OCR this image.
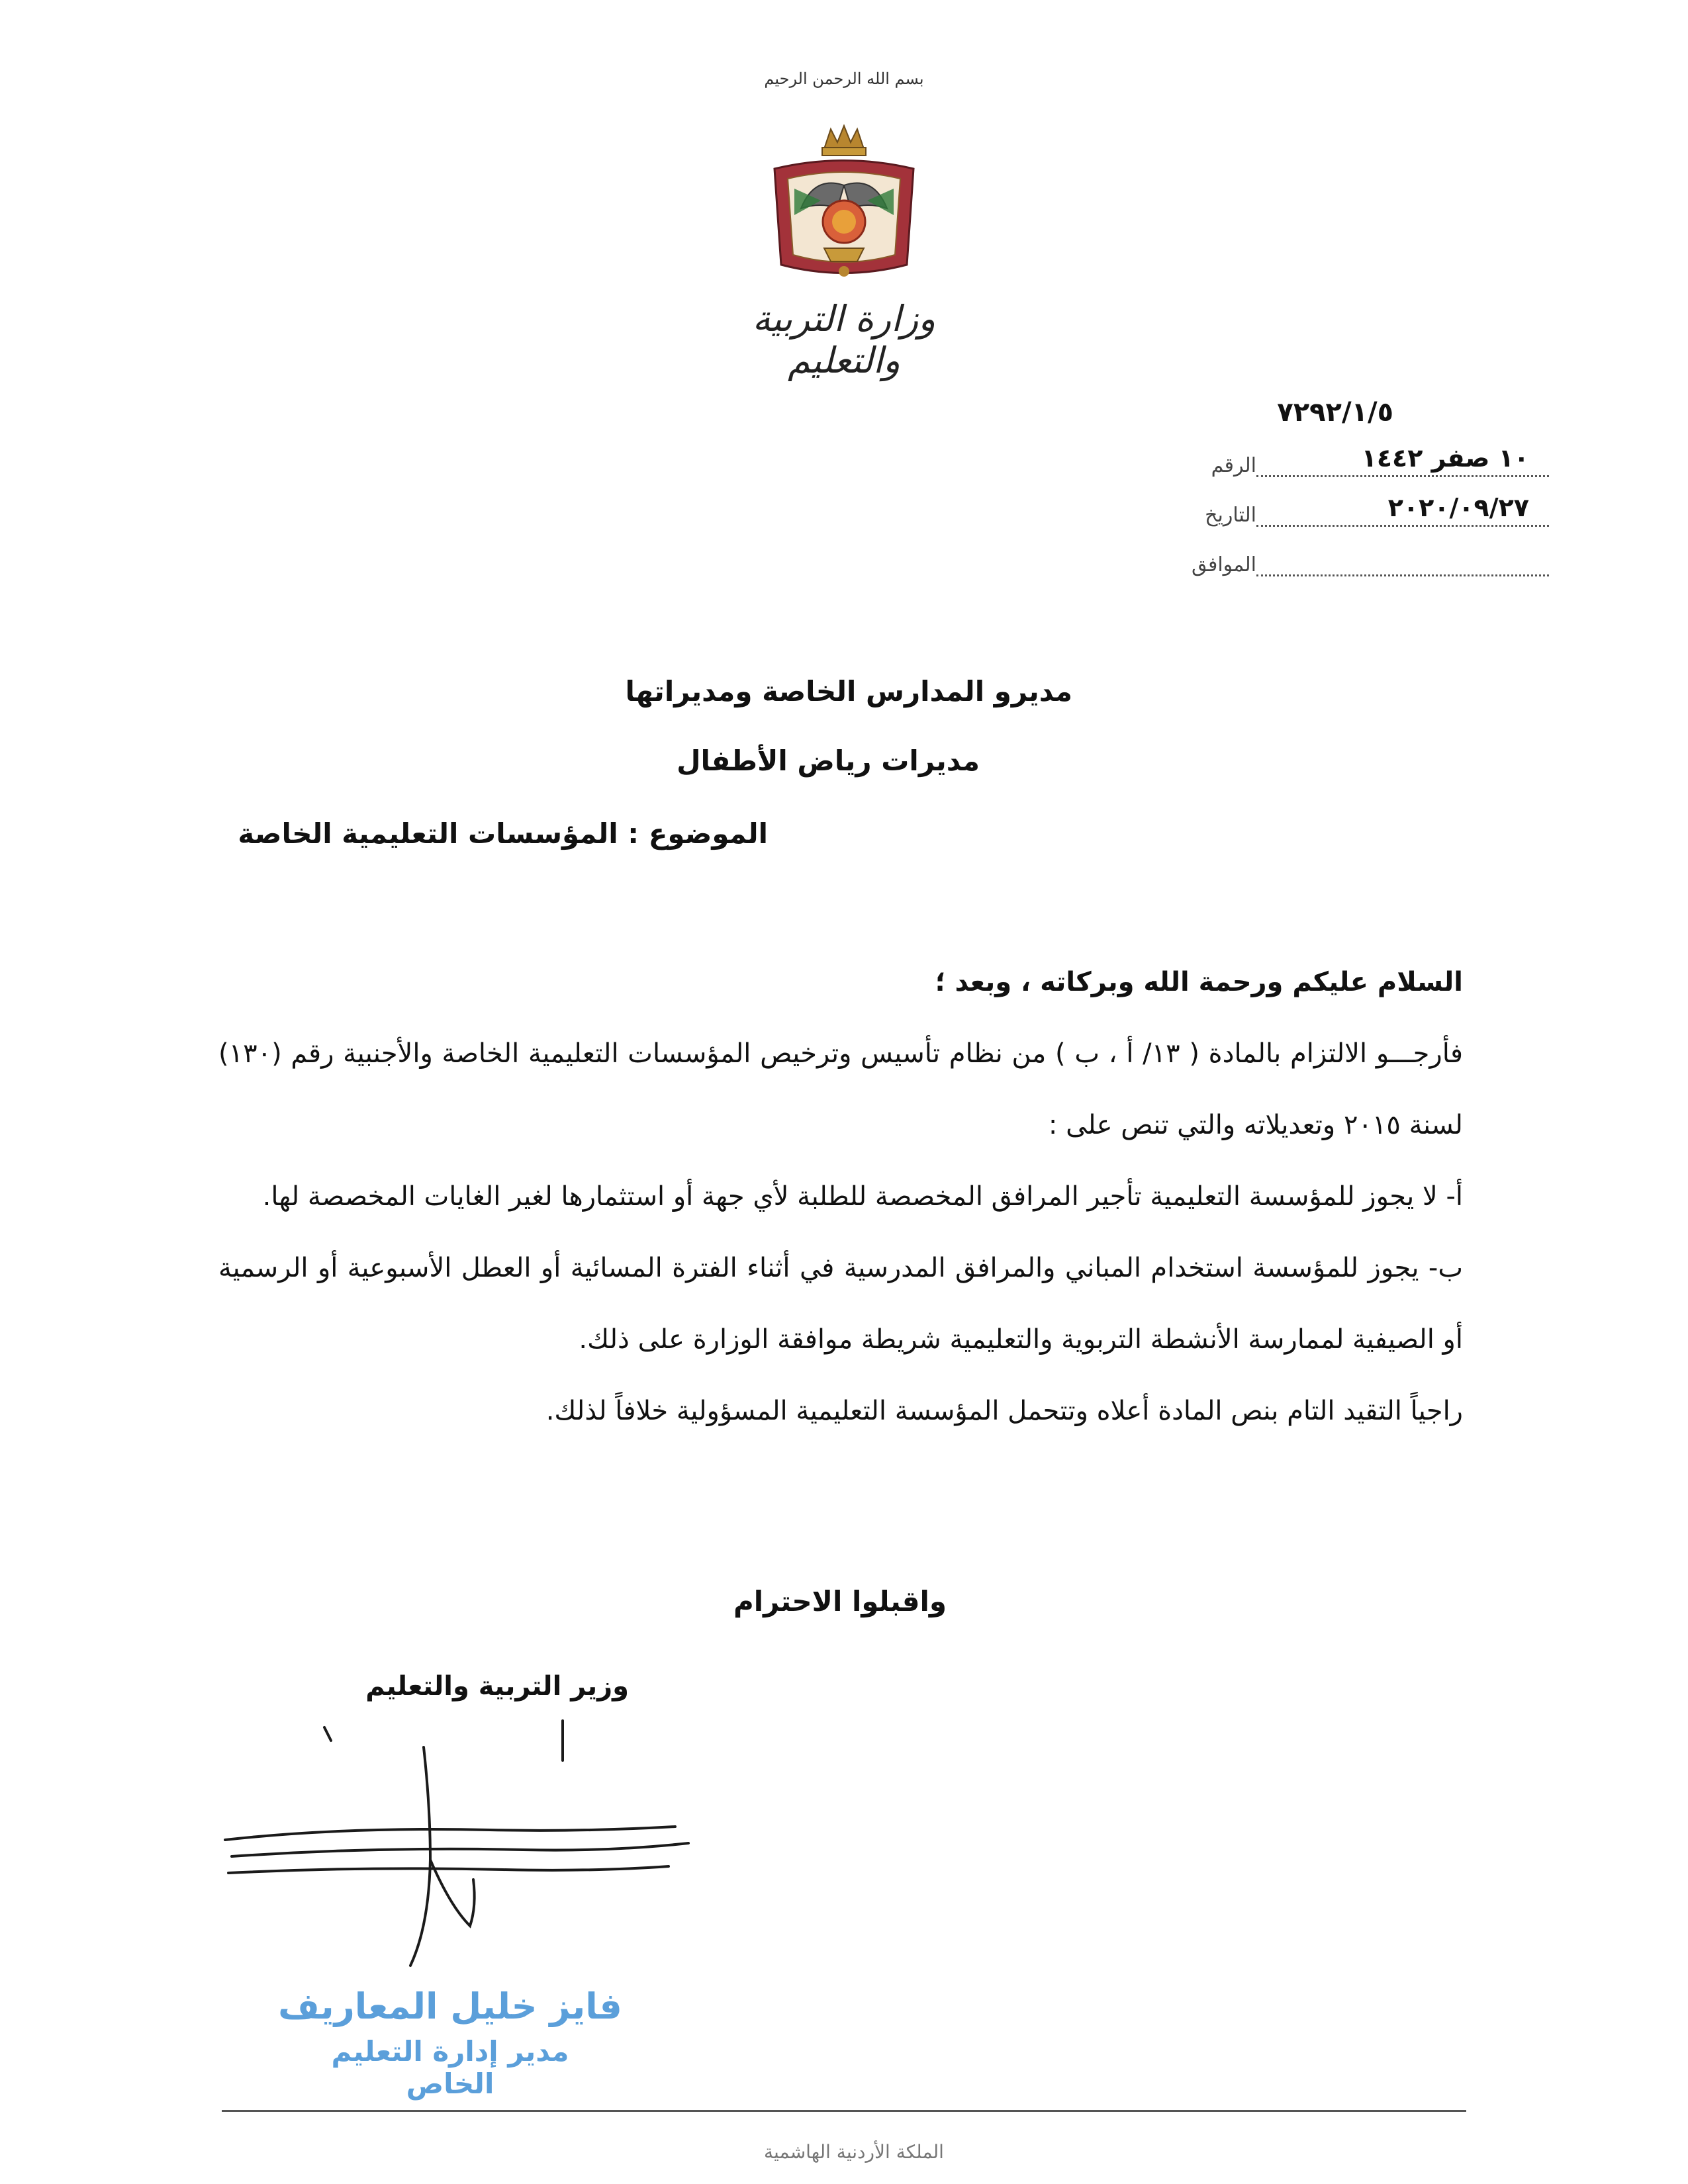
بسم الله الرحمن الرحيم
وزارة التربية والتعليم
٧٢٩٢/١/٥
الرقم	١٠ صفر ١٤٤٢
التاريخ	٢٠٢٠/٠٩/٢٧
الموافق
مديرو المدارس الخاصة ومديراتها
مديرات رياض الأطفال
الموضوع : المؤسسات التعليمية الخاصة

السلام عليكم ورحمة الله وبركاته ، وبعد ؛

فأرجـــو الالتزام بالمادة ( ١٣/ أ ، ب ) من نظام تأسيس وترخيص المؤسسات التعليمية الخاصة والأجنبية رقم (١٣٠) لسنة ٢٠١٥ وتعديلاته والتي تنص على :

أ- لا يجوز للمؤسسة التعليمية تأجير المرافق المخصصة للطلبة لأي جهة أو استثمارها لغير الغايات المخصصة لها.

ب- يجوز للمؤسسة استخدام المباني والمرافق المدرسية في أثناء الفترة المسائية أو العطل الأسبوعية أو الرسمية أو الصيفية لممارسة الأنشطة التربوية والتعليمية شريطة موافقة الوزارة على ذلك.

راجياً التقيد التام بنص المادة أعلاه وتتحمل المؤسسة التعليمية المسؤولية خلافاً لذلك.

واقبلوا الاحترام
وزير التربية والتعليم
فايز خليل المعاريف
مدير إدارة التعليم الخاص
الملكة الأردنية الهاشمية
